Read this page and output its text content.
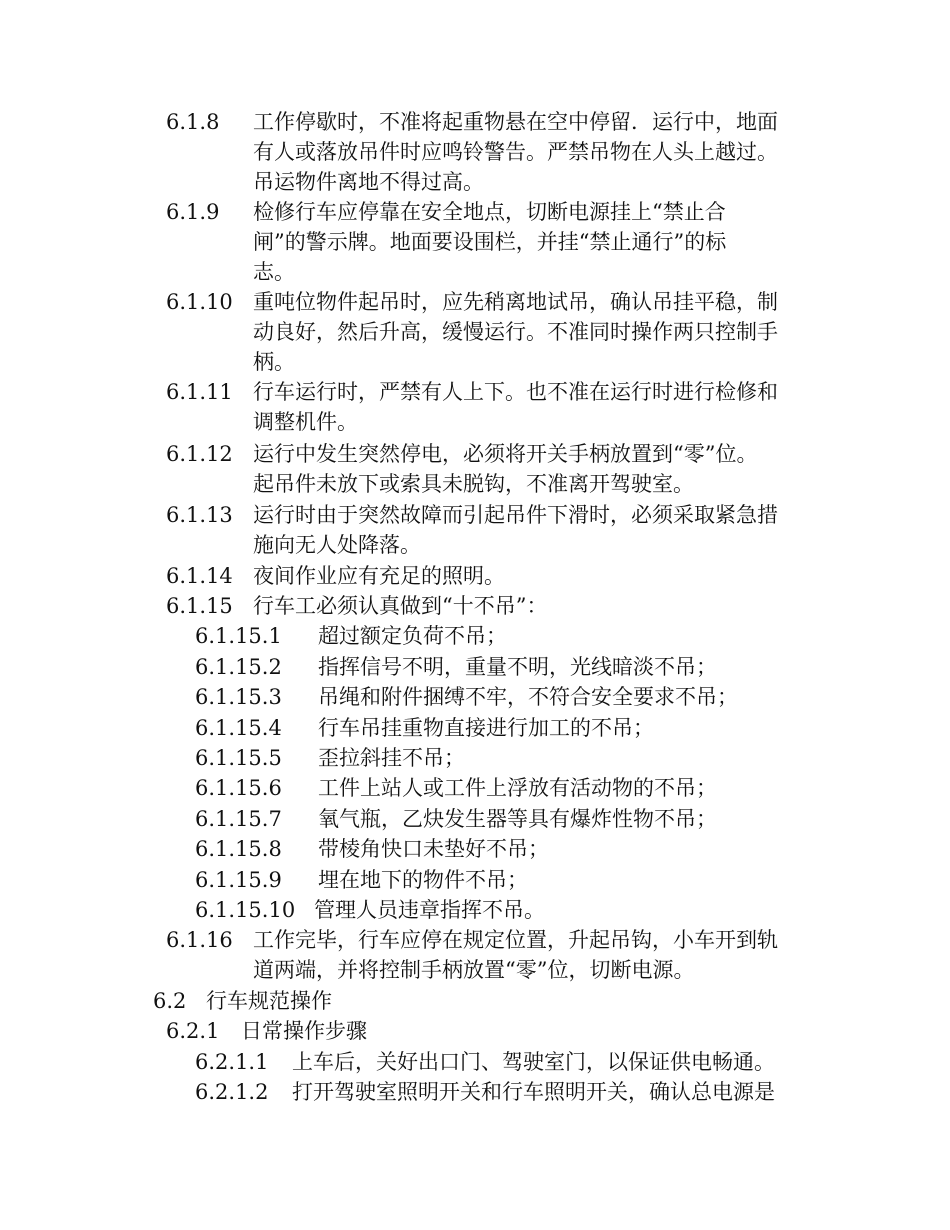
6.1.8 工作停歇时，不准将起重物悬在空中停留．运行中，地面
有人或落放吊件时应鸣铃警告。严禁吊物在人头上越过。
吊运物件离地不得过高。
6.1.9 检修行车应停靠在安全地点，切断电源挂上“禁止合
闸”的警示牌。地面要设围栏，并挂“禁止通行”的标
志。
6.1.10 重吨位物件起吊时，应先稍离地试吊，确认吊挂平稳，制
动良好，然后升高，缓慢运行。不准同时操作两只控制手
柄。
6.1.11 行车运行时，严禁有人上下。也不准在运行时进行检修和
调整机件。
6.1.12 运行中发生突然停电，必须将开关手柄放置到“零”位。
起吊件未放下或索具未脱钩，不准离开驾驶室。
6.1.13 运行时由于突然故障而引起吊件下滑时，必须采取紧急措
施向无人处降落。
6.1.14 夜间作业应有充足的照明。
6.1.15 行车工必须认真做到“十不吊”：
6.1.15.1 超过额定负荷不吊；
6.1.15.2 指挥信号不明，重量不明，光线暗淡不吊；
6.1.15.3 吊绳和附件捆缚不牢，不符合安全要求不吊；
6.1.15.4 行车吊挂重物直接进行加工的不吊；
6.1.15.5 歪拉斜挂不吊；
6.1.15.6 工件上站人或工件上浮放有活动物的不吊；
6.1.15.7 氧气瓶，乙炔发生器等具有爆炸性物不吊；
6.1.15.8 带棱角快口未垫好不吊；
6.1.15.9 埋在地下的物件不吊；
6.1.15.10 管理人员违章指挥不吊。
6.1.16 工作完毕，行车应停在规定位置，升起吊钩，小车开到轨
道两端，并将控制手柄放置“零”位，切断电源。
6.2 行车规范操作
6.2.1 日常操作步骤
6.2.1.1 上车后，关好出口门、驾驶室门，以保证供电畅通。
6.2.1.2 打开驾驶室照明开关和行车照明开关，确认总电源是
